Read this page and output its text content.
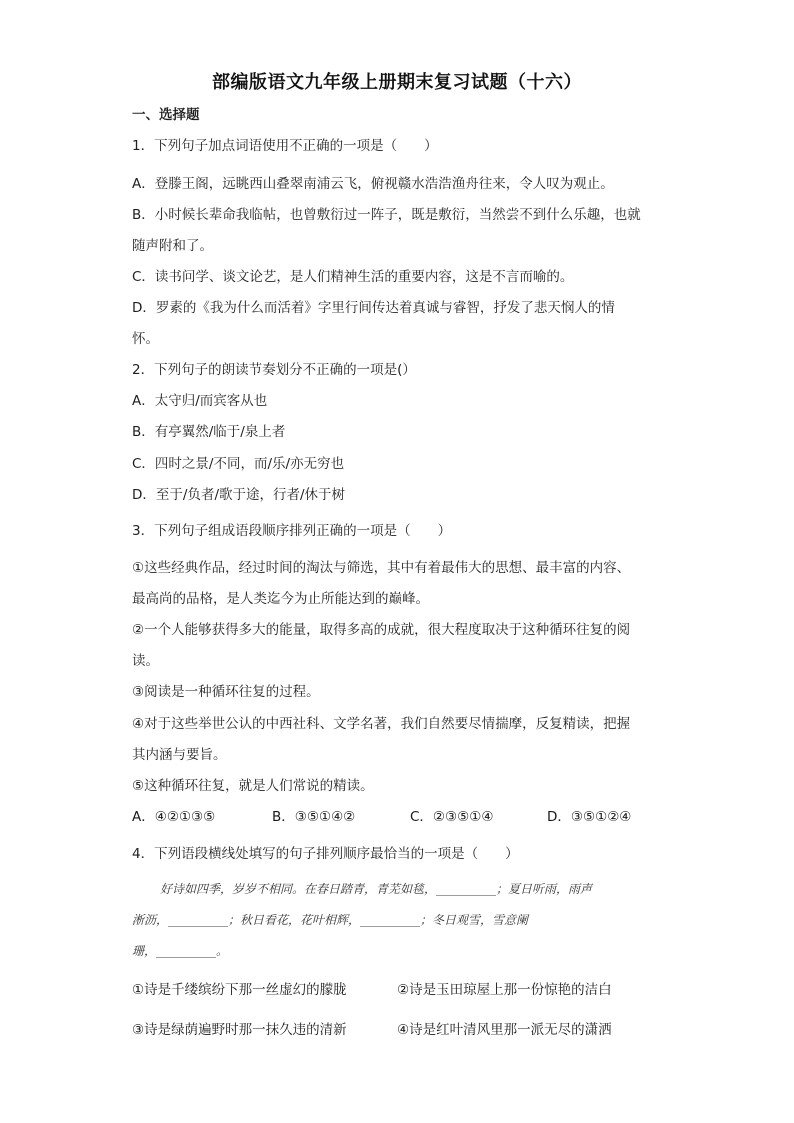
部编版语文九年级上册期末复习试题（十六）
一、选择题
1．下列句子加点词语使用不正确的一项是（　　）
A．登滕王阁，远眺西山叠翠南浦云飞，俯视赣水浩浩渔舟往来，令人叹为观止。
B．小时候长辈命我临帖，也曾敷衍过一阵子，既是敷衍，当然尝不到什么乐趣，也就
随声附和了。
C．读书问学、谈文论艺，是人们精神生活的重要内容，这是不言而喻的。
D．罗素的《我为什么而活着》字里行间传达着真诚与睿智，抒发了悲天悯人的情
怀。
2．下列句子的朗读节奏划分不正确的一项是(）
A．太守归/而宾客从也
B．有亭翼然/临于/泉上者
C．四时之景/不同，而/乐/亦无穷也
D．至于/负者/歌于途，行者/休于树
3．下列句子组成语段顺序排列正确的一项是（　　）
①这些经典作品，经过时间的淘汰与筛选，其中有着最伟大的思想、最丰富的内容、
最高尚的品格，是人类迄今为止所能达到的巅峰。
②一个人能够获得多大的能量，取得多高的成就，很大程度取决于这种循环往复的阅
读。
③阅读是一种循环往复的过程。
④对于这些举世公认的中西社科、文学名著，我们自然要尽情揣摩，反复精读，把握
其内涵与要旨。
⑤这种循环往复，就是人们常说的精读。
A．④②①③⑤	B．③⑤①④②	C．②③⑤①④	D．③⑤①②④
4．下列语段横线处填写的句子排列顺序最恰当的一项是（　　）
好诗如四季，岁岁不相同。在春日踏青，青芜如毯，__________；夏日听雨，雨声
淅沥，__________；秋日看花，花叶相辉，__________；冬日观雪，雪意阑
珊，__________。
①诗是千缕缤纷下那一丝虚幻的朦胧	②诗是玉田琼屋上那一份惊艳的洁白
③诗是绿荫遍野时那一抹久违的清新	④诗是红叶清风里那一派无尽的潇洒
